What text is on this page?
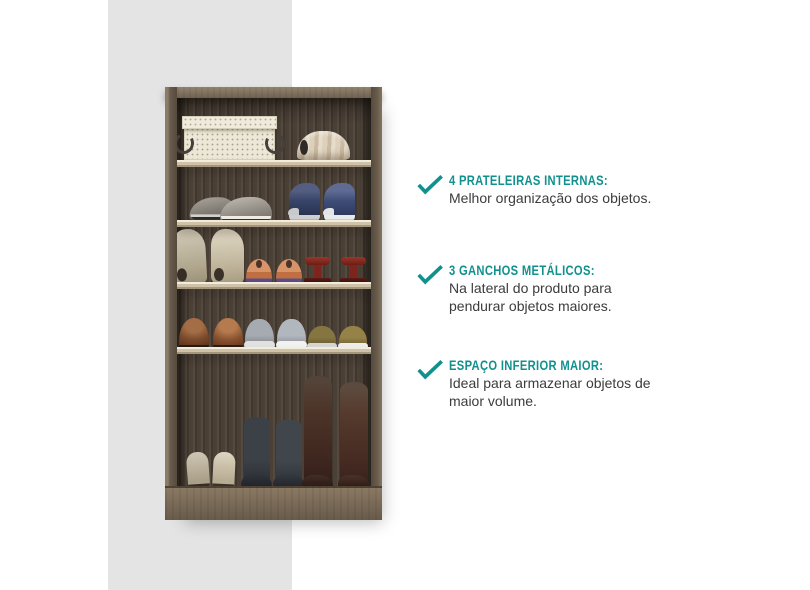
4 PRATELEIRAS INTERNAS:
Melhor organização dos objetos.
3 GANCHOS METÁLICOS:
Na lateral do produto para pendurar objetos maiores.
ESPAÇO INFERIOR MAIOR:
Ideal para armazenar objetos de maior volume.
